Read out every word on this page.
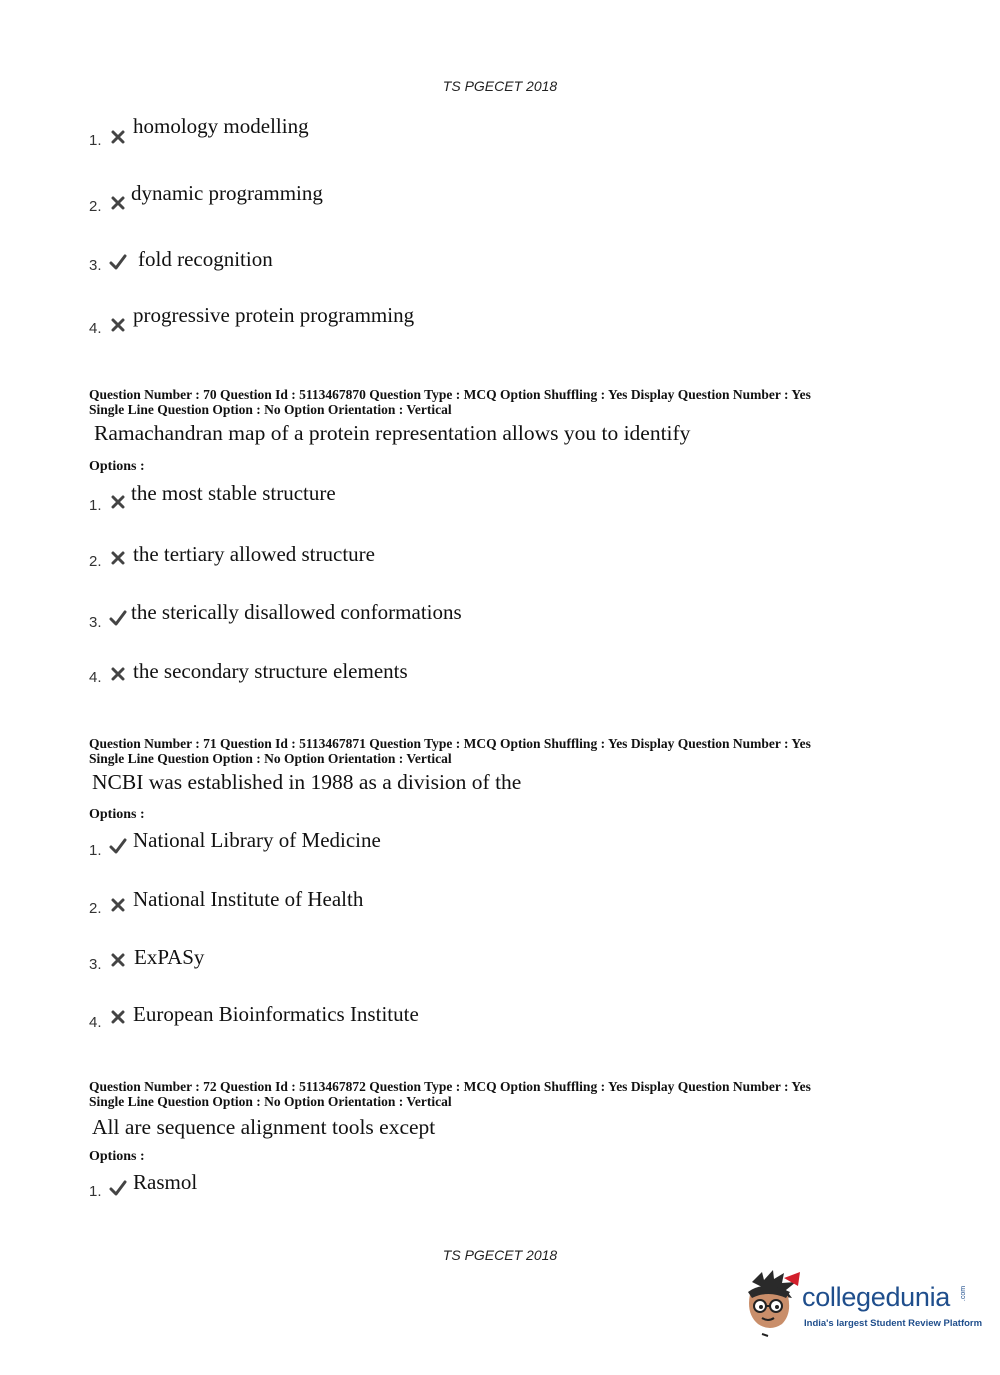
TS PGECET 2018
1.
homology modelling
2.
dynamic programming
3. fold recognition
4.
progressive protein programming
Question Number : 70 Question Id : 5113467870 Question Type : MCQ Option Shuffling : Yes Display Question Number : Yes
Single Line Question Option : No Option Orientation : Vertical
Ramachandran map of a protein representation allows you to identify
Options :
1.
the most stable structure
2. the tertiary allowed structure
3. the sterically disallowed conformations
4. the secondary structure elements
Question Number : 71 Question Id : 5113467871 Question Type : MCQ Option Shuffling : Yes Display Question Number : Yes
Single Line Question Option : No Option Orientation : Vertical
NCBI was established in 1988 as a division of the
Options :
1. National Library of Medicine
2. National Institute of Health
3. ExPASy
4. European Bioinformatics Institute
Question Number : 72 Question Id : 5113467872 Question Type : MCQ Option Shuffling : Yes Display Question Number : Yes
Single Line Question Option : No Option Orientation : Vertical
All are sequence alignment tools except
Options :
1. Rasmol
TS PGECET 2018
collegedunia .com
India's largest Student Review Platform
